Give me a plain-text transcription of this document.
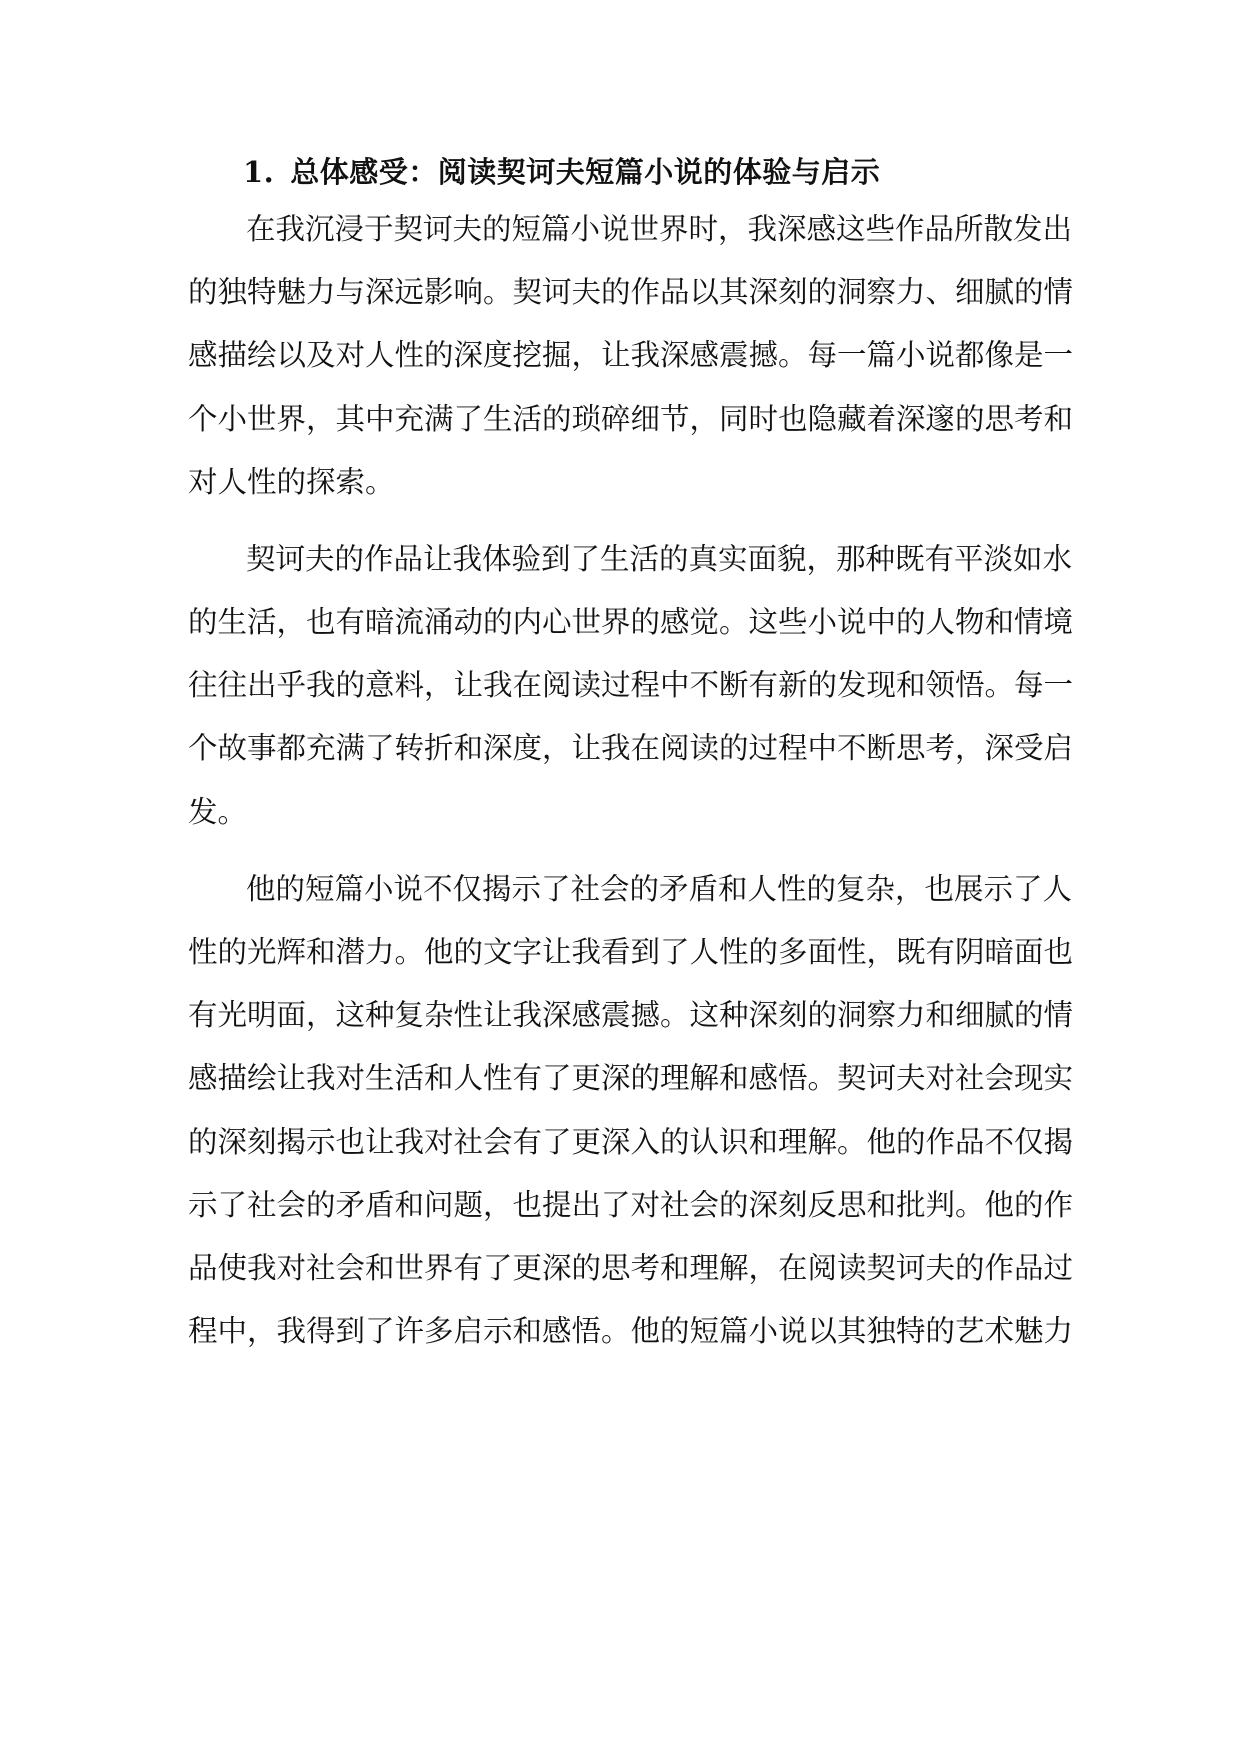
1. 总体感受：阅读契诃夫短篇小说的体验与启示
在我沉浸于契诃夫的短篇小说世界时，我深感这些作品所散发出
的独特魅力与深远影响。契诃夫的作品以其深刻的洞察力、细腻的情
感描绘以及对人性的深度挖掘，让我深感震撼。每一篇小说都像是一
个小世界，其中充满了生活的琐碎细节，同时也隐藏着深邃的思考和
对人性的探索。
契诃夫的作品让我体验到了生活的真实面貌，那种既有平淡如水
的生活，也有暗流涌动的内心世界的感觉。这些小说中的人物和情境
往往出乎我的意料，让我在阅读过程中不断有新的发现和领悟。每一
个故事都充满了转折和深度，让我在阅读的过程中不断思考，深受启
发。
他的短篇小说不仅揭示了社会的矛盾和人性的复杂，也展示了人
性的光辉和潜力。他的文字让我看到了人性的多面性，既有阴暗面也
有光明面，这种复杂性让我深感震撼。这种深刻的洞察力和细腻的情
感描绘让我对生活和人性有了更深的理解和感悟。契诃夫对社会现实
的深刻揭示也让我对社会有了更深入的认识和理解。他的作品不仅揭
示了社会的矛盾和问题，也提出了对社会的深刻反思和批判。他的作
品使我对社会和世界有了更深的思考和理解，在阅读契诃夫的作品过
程中，我得到了许多启示和感悟。他的短篇小说以其独特的艺术魅力
